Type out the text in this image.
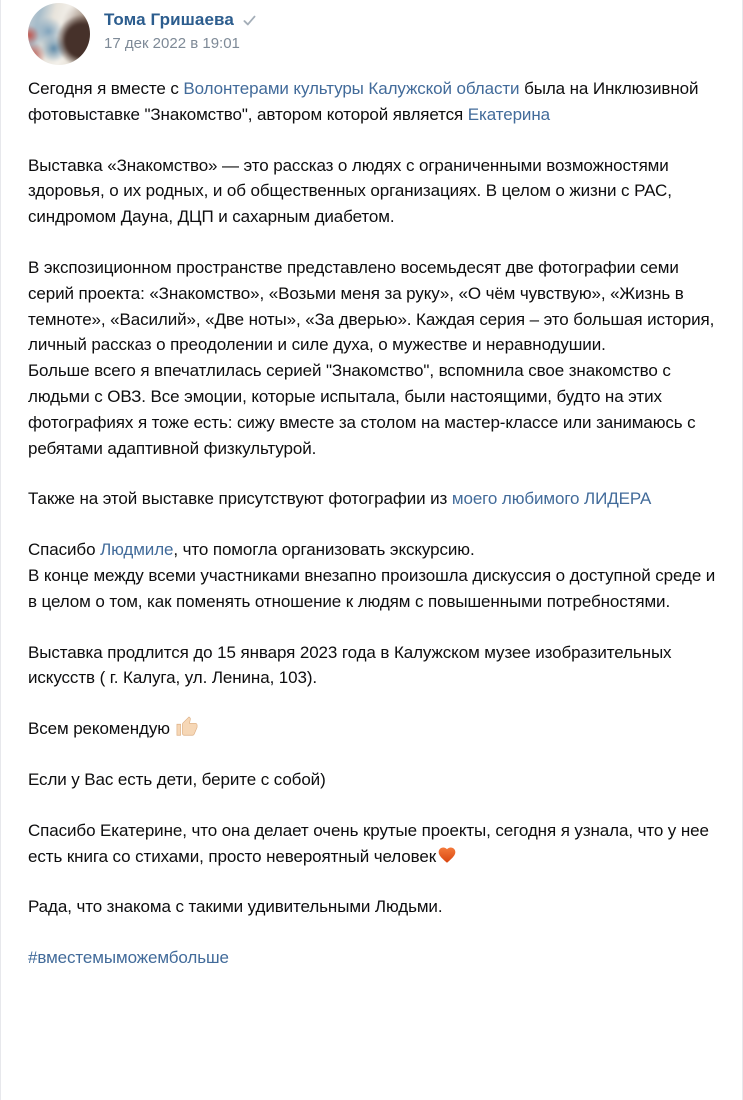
Тома Гришаева
17 дек 2022 в 19:01

Сегодня я вместе с Волонтерами культуры Калужской области была на Инклюзивной фотовыставке "Знакомство", автором которой является Екатерина

Выставка «Знакомство» — это рассказ о людях с ограниченными возможностями здоровья, о их родных, и об общественных организациях. В целом о жизни с РАС, синдромом Дауна, ДЦП и сахарным диабетом.

В экспозиционном пространстве представлено восемьдесят две фотографии семи серий проекта: «Знакомство», «Возьми меня за руку», «О чём чувствую», «Жизнь в темноте», «Василий», «Две ноты», «За дверью». Каждая серия – это большая история, личный рассказ о преодолении и силе духа, о мужестве и неравнодушии.
Больше всего я впечатлилась серией "Знакомство", вспомнила свое знакомство с людьми с ОВЗ. Все эмоции, которые испытала, были настоящими, будто на этих фотографиях я тоже есть: сижу вместе за столом на мастер-классе или занимаюсь с ребятами адаптивной физкультурой.

Также на этой выставке присутствуют фотографии из моего любимого ЛИДЕРА

Спасибо Людмиле, что помогла организовать экскурсию.
В конце между всеми участниками внезапно произошла дискуссия о доступной среде и в целом о том, как поменять отношение к людям с повышенными потребностями.

Выставка продлится до 15 января 2023 года в Калужском музее изобразительных искусств ( г. Калуга, ул. Ленина, 103).

Всем рекомендую

Если у Вас есть дети, берите с собой)

Спасибо Екатерине, что она делает очень крутые проекты, сегодня я узнала, что у нее есть книга со стихами, просто невероятный человек

Рада, что знакома с такими удивительными Людьми.

#вместемыможембольше
